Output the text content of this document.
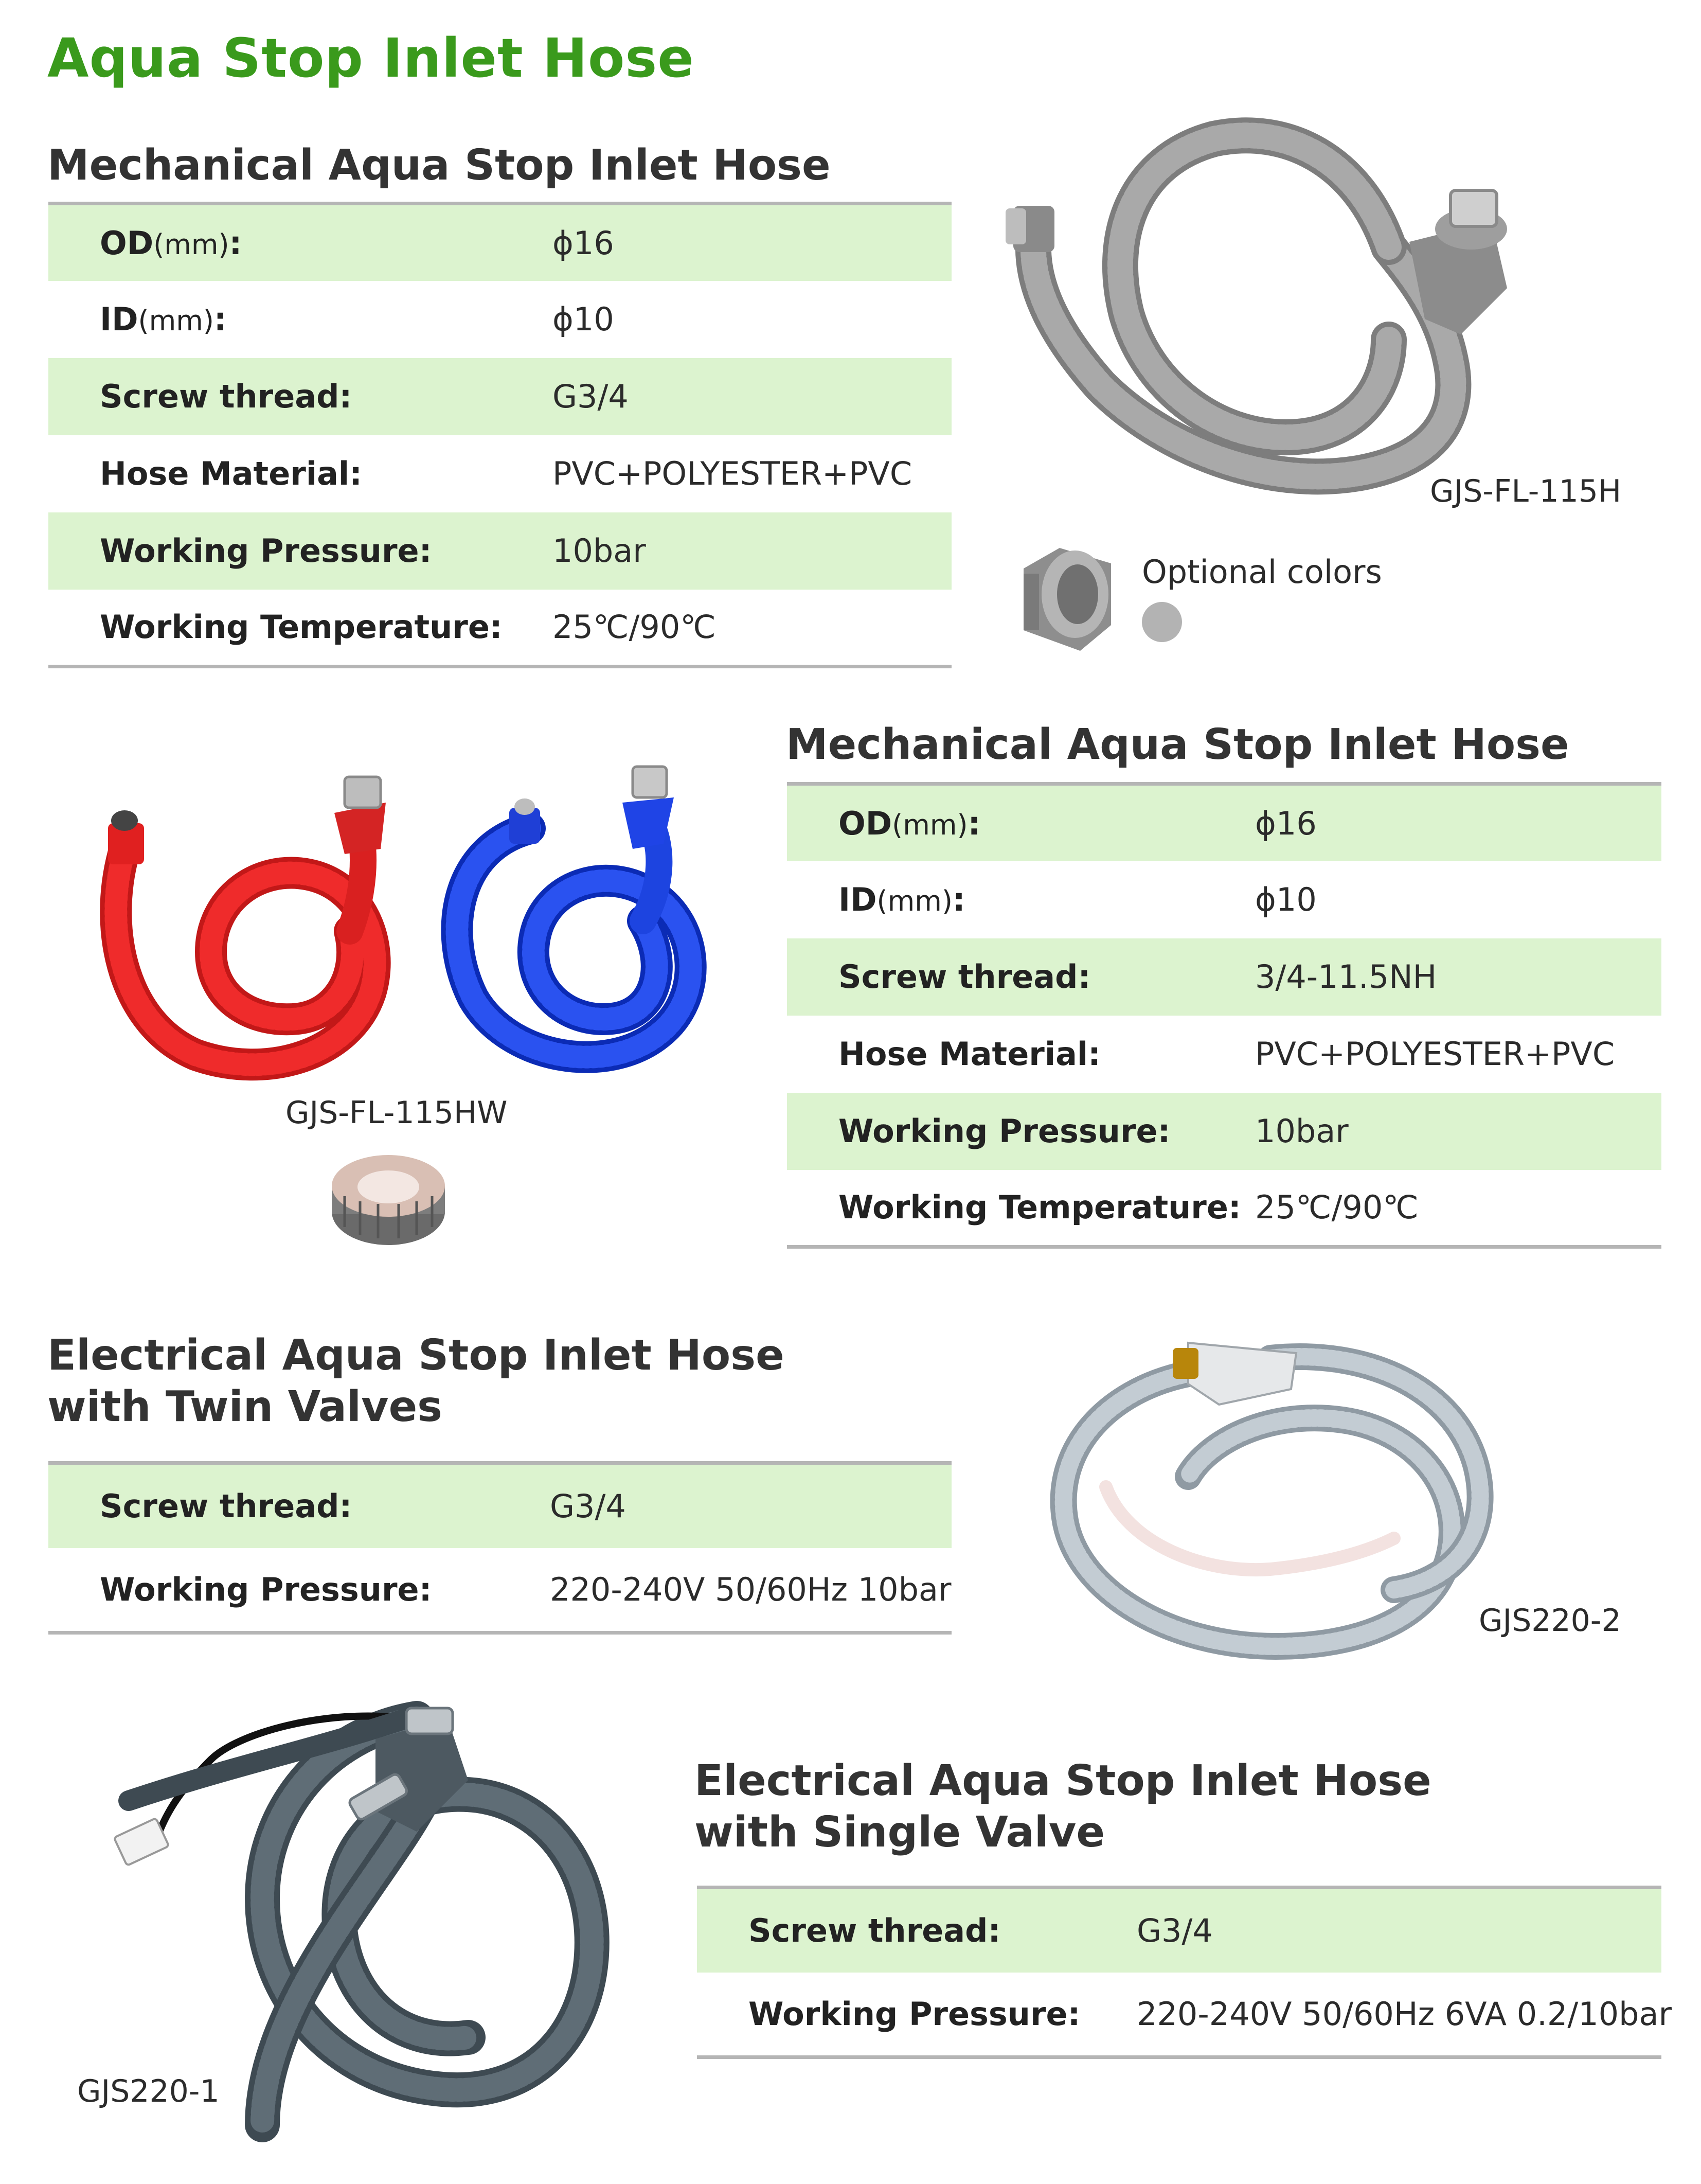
Aqua Stop Inlet Hose
Mechanical Aqua Stop Inlet Hose
OD(mm):	ϕ16
ID(mm):	ϕ10
Screw thread:	G3/4
Hose Material:	PVC+POLYESTER+PVC
Working Pressure:	10bar
Working Temperature:	25℃/90℃
GJS-FL-115H
Optional colors
Mechanical Aqua Stop Inlet Hose
OD(mm):	ϕ16
ID(mm):	ϕ10
Screw thread:	3/4-11.5NH
Hose Material:	PVC+POLYESTER+PVC
Working Pressure:	10bar
Working Temperature:	25℃/90℃
GJS-FL-115HW
Electrical Aqua Stop Inlet Hose
with Twin Valves
Screw thread:	G3/4
Working Pressure:	220-240V 50/60Hz 10bar
GJS220-2
Electrical Aqua Stop Inlet Hose
with Single Valve
Screw thread:	G3/4
Working Pressure:	220-240V 50/60Hz 6VA 0.2/10bar
GJS220-1
